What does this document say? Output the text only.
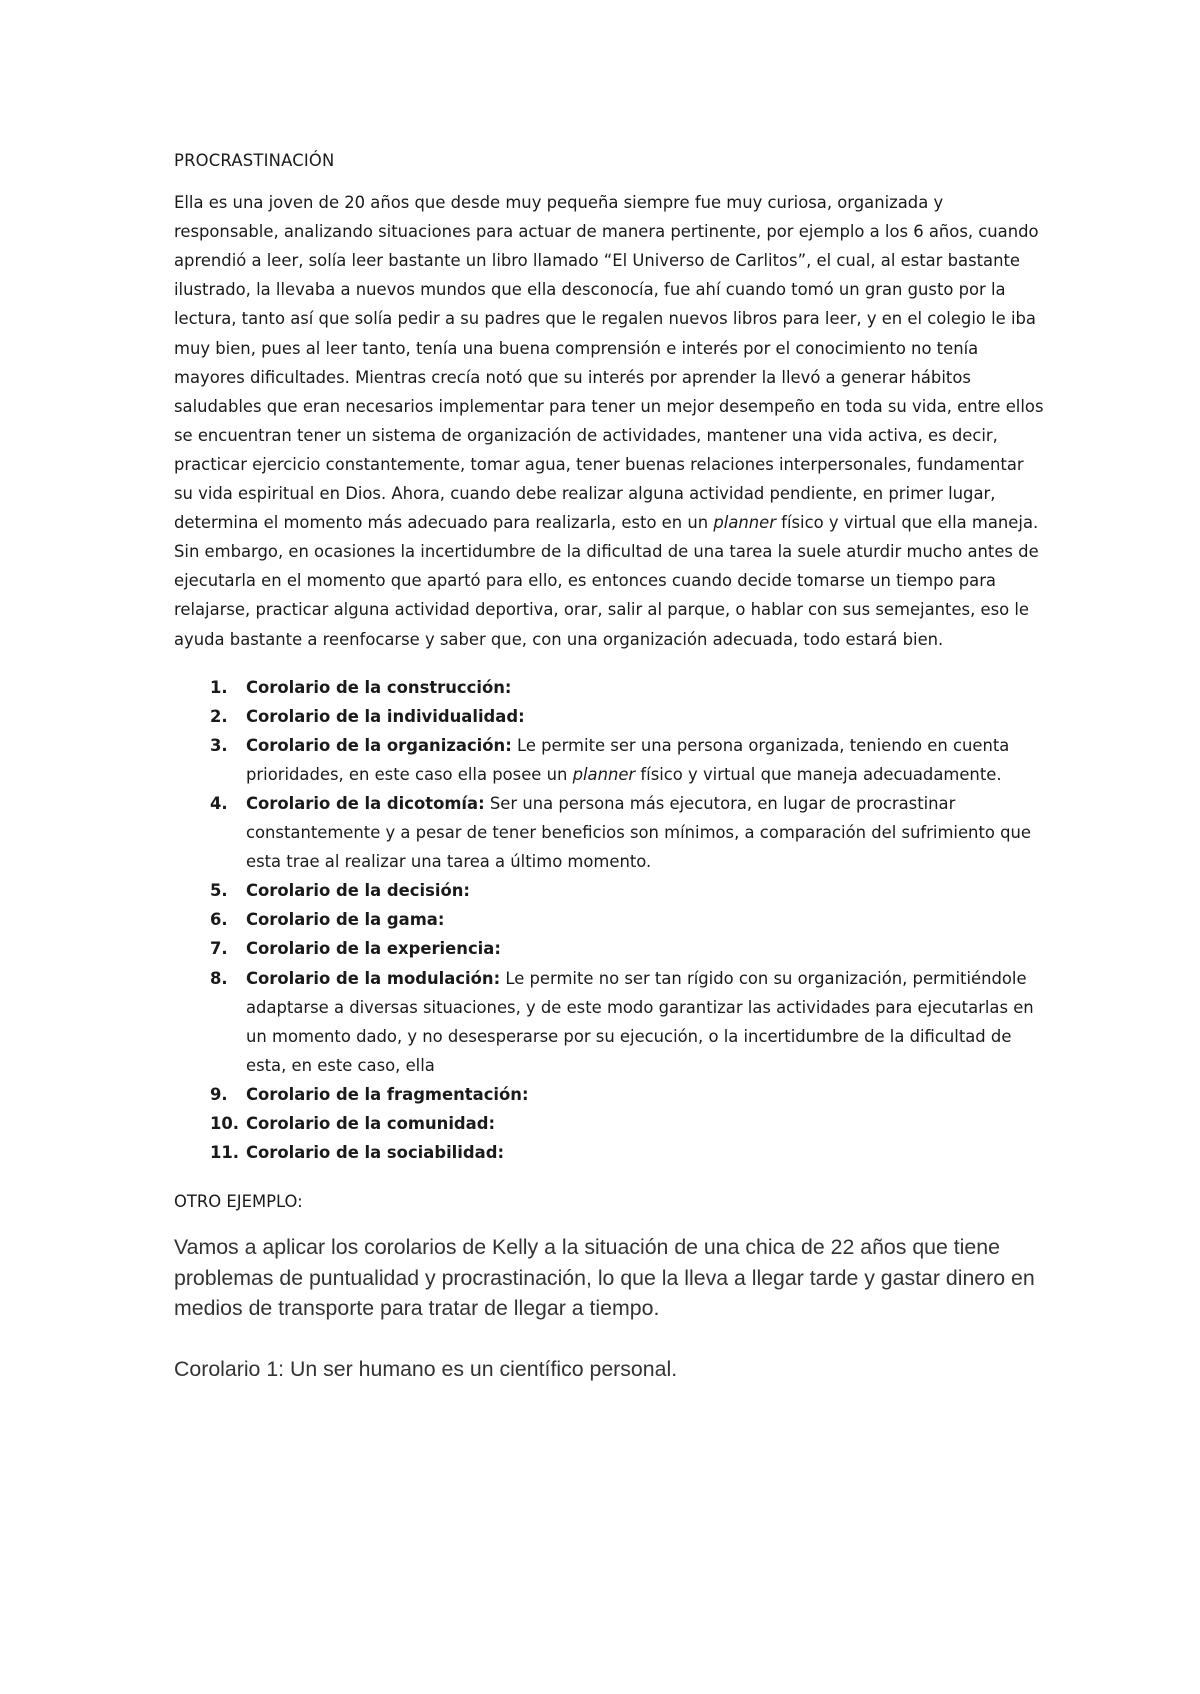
PROCRASTINACIÓN

Ella es una joven de 20 años que desde muy pequeña siempre fue muy curiosa, organizada y responsable, analizando situaciones para actuar de manera pertinente, por ejemplo a los 6 años, cuando aprendió a leer, solía leer bastante un libro llamado “El Universo de Carlitos”, el cual, al estar bastante ilustrado, la llevaba a nuevos mundos que ella desconocía, fue ahí cuando tomó un gran gusto por la lectura, tanto así que solía pedir a su padres que le regalen nuevos libros para leer, y en el colegio le iba muy bien, pues al leer tanto, tenía una buena comprensión e interés por el conocimiento no tenía mayores dificultades. Mientras crecía notó que su interés por aprender la llevó a generar hábitos saludables que eran necesarios implementar para tener un mejor desempeño en toda su vida, entre ellos se encuentran tener un sistema de organización de actividades, mantener una vida activa, es decir, practicar ejercicio constantemente, tomar agua, tener buenas relaciones interpersonales, fundamentar su vida espiritual en Dios. Ahora, cuando debe realizar alguna actividad pendiente, en primer lugar, determina el momento más adecuado para realizarla, esto en un planner físico y virtual que ella maneja. Sin embargo, en ocasiones la incertidumbre de la dificultad de una tarea la suele aturdir mucho antes de ejecutarla en el momento que apartó para ello, es entonces cuando decide tomarse un tiempo para relajarse, practicar alguna actividad deportiva, orar, salir al parque, o hablar con sus semejantes, eso le ayuda bastante a reenfocarse y saber que, con una organización adecuada, todo estará bien.

1. Corolario de la construcción:
2. Corolario de la individualidad:
3. Corolario de la organización: Le permite ser una persona organizada, teniendo en cuenta prioridades, en este caso ella posee un planner físico y virtual que maneja adecuadamente.
4. Corolario de la dicotomía: Ser una persona más ejecutora, en lugar de procrastinar constantemente y a pesar de tener beneficios son mínimos, a comparación del sufrimiento que esta trae al realizar una tarea a último momento.
5. Corolario de la decisión:
6. Corolario de la gama:
7. Corolario de la experiencia:
8. Corolario de la modulación: Le permite no ser tan rígido con su organización, permitiéndole adaptarse a diversas situaciones, y de este modo garantizar las actividades para ejecutarlas en un momento dado, y no desesperarse por su ejecución, o la incertidumbre de la dificultad de esta, en este caso, ella
9. Corolario de la fragmentación:
10. Corolario de la comunidad:
11. Corolario de la sociabilidad:

OTRO EJEMPLO:

Vamos a aplicar los corolarios de Kelly a la situación de una chica de 22 años que tiene problemas de puntualidad y procrastinación, lo que la lleva a llegar tarde y gastar dinero en medios de transporte para tratar de llegar a tiempo.

Corolario 1: Un ser humano es un científico personal.
